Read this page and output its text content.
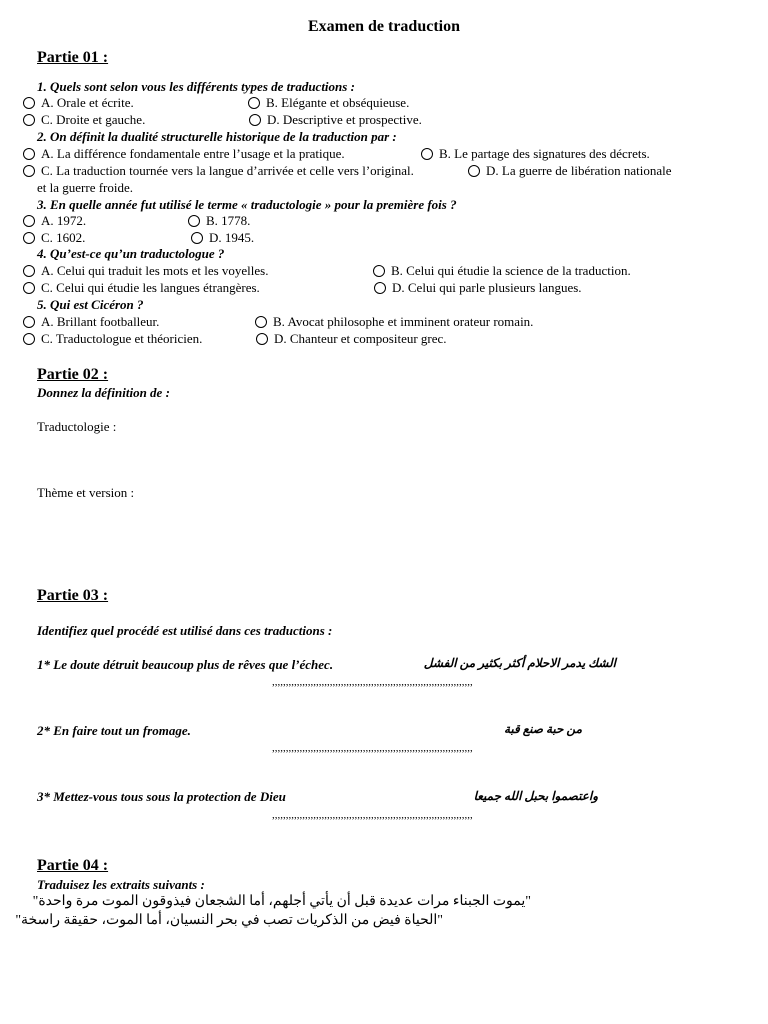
Examen de traduction
Partie 01 :
1. Quels sont selon vous les différents types de traductions :
A. Orale et écrite.	B. Elégante et obséquieuse.
C. Droite et gauche.	D. Descriptive et prospective.
2. On définit la dualité structurelle historique de la traduction par :
A. La différence fondamentale entre l’usage et la pratique.	B. Le partage des signatures des décrets.
C. La traduction tournée vers la langue d’arrivée et celle vers l’original.	D. La guerre de libération nationale
et la guerre froide.
3. En quelle année fut utilisé le terme « traductologie » pour la première fois ?
A. 1972.	B. 1778.
C. 1602.	D. 1945.
4. Qu’est-ce qu’un traductologue ?
A. Celui qui traduit les mots et les voyelles.	B. Celui qui étudie la science de la traduction.
C. Celui qui étudie les langues étrangères.	D. Celui qui parle plusieurs langues.
5. Qui est Cicéron ?
A. Brillant footballeur.	B. Avocat philosophe et imminent orateur romain.
C. Traductologue et théoricien.	D. Chanteur et compositeur grec.
Partie 02 :
Donnez la définition de :
Traductologie :
Thème et version :
Partie 03 :
Identifiez quel procédé est utilisé dans ces traductions :
1* Le doute détruit beaucoup plus de rêves que l’échec.	الشك يدمر الاحلام أكثر بكثير من الفشل
,,,,,,,,,,,,,,,,,,,,,,,,,,,,,,,,,,,,,,,,,,,,,,,,,,,,,,,,,,,,,,,,,,,,,,,,,
2* En faire tout un fromage.	من حبة صنع قبة
,,,,,,,,,,,,,,,,,,,,,,,,,,,,,,,,,,,,,,,,,,,,,,,,,,,,,,,,,,,,,,,,,,,,,,,,,
3* Mettez-vous tous sous la protection de Dieu	واعتصموا بحبل الله جميعا
,,,,,,,,,,,,,,,,,,,,,,,,,,,,,,,,,,,,,,,,,,,,,,,,,,,,,,,,,,,,,,,,,,,,,,,,,
Partie 04 :
Traduisez les extraits suivants :
"يموت الجبناء مرات عديدة قبل أن يأتي أجلهم، أما الشجعان فيذوقون الموت مرة واحدة"
"الحياة فيض من الذكريات تصب في بحر النسيان، أما الموت، حقيقة راسخة"
